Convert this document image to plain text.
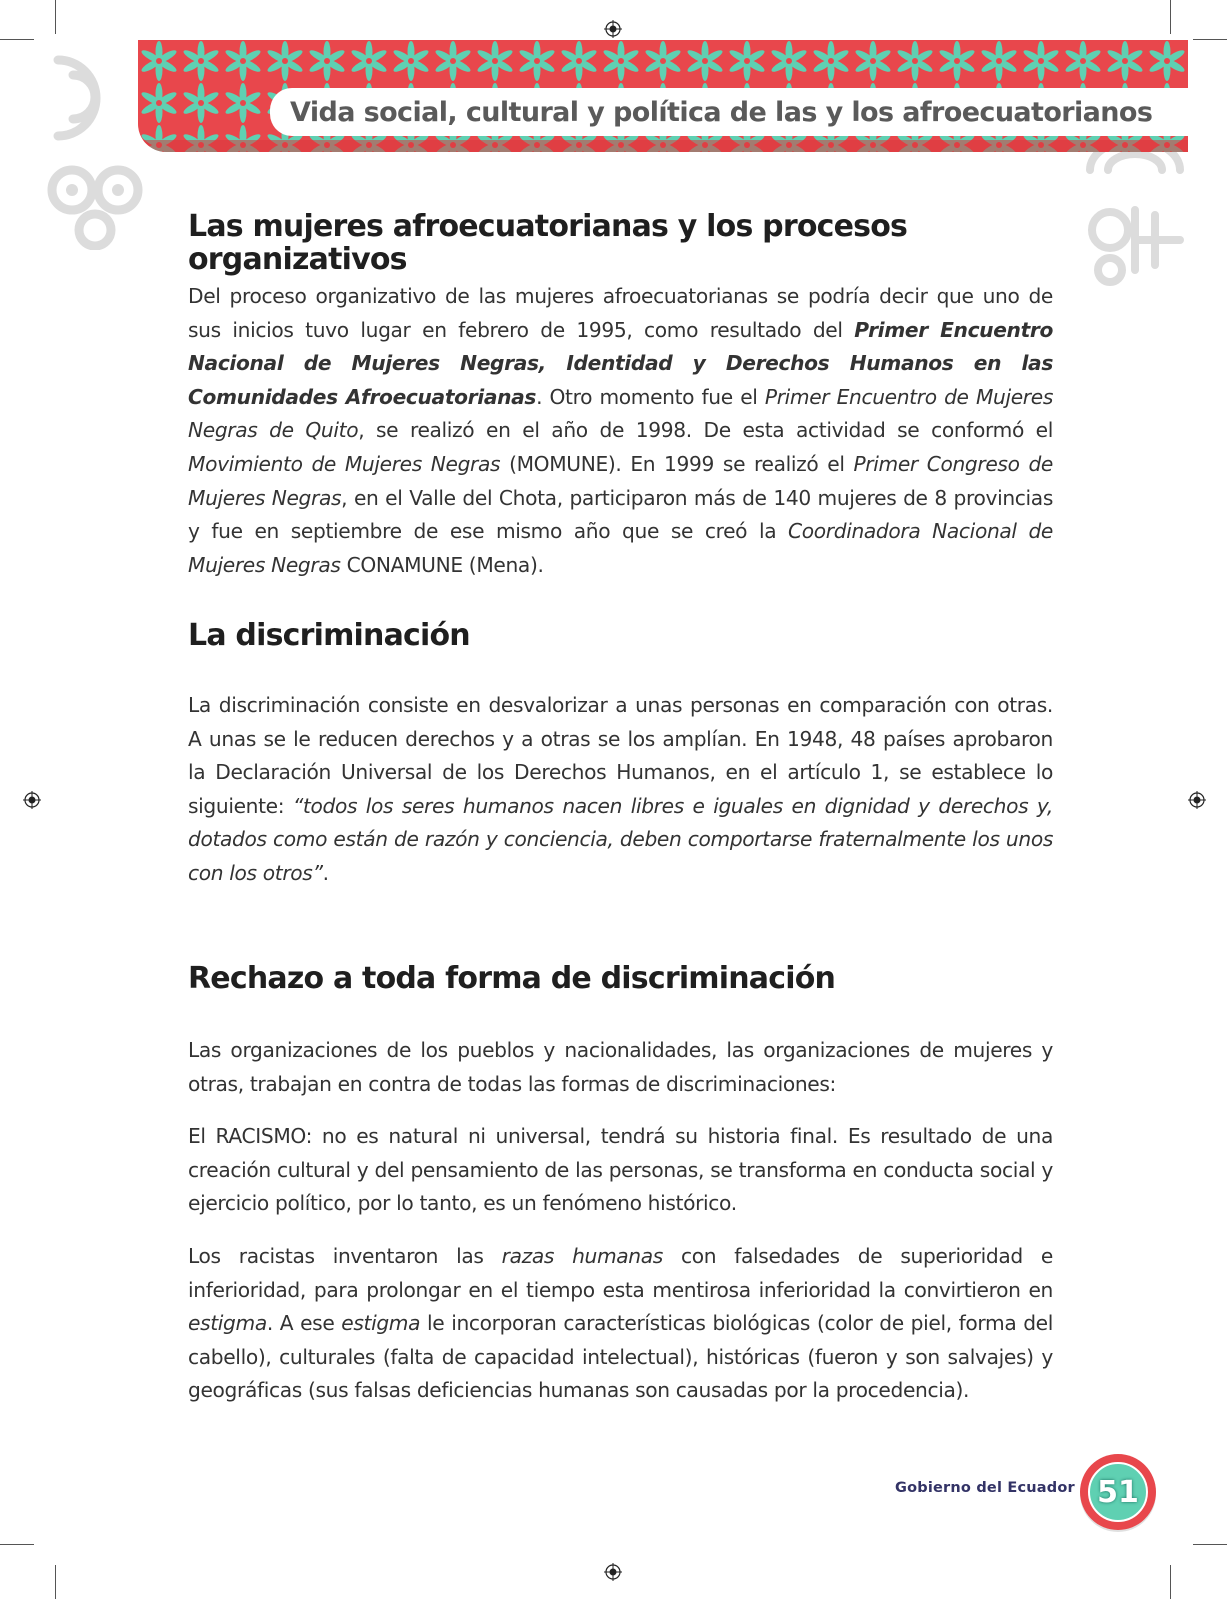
Vida social, cultural y política de las y los afroecuatorianos
Las mujeres afroecuatorianas y los procesos organizativos
Del proceso organizativo de las mujeres afroecuatorianas se podría decir que uno de sus inicios tuvo lugar en febrero de 1995, como resultado del Primer Encuentro Nacional de Mujeres Negras, Identidad y Derechos Humanos en las Comunidades Afroecuatorianas. Otro momento fue el Primer Encuentro de Mujeres Negras de Quito, se realizó en el año de 1998. De esta actividad se conformó el Movimiento de Mujeres Negras (MOMUNE). En 1999 se realizó el Primer Congreso de Mujeres Negras, en el Valle del Chota, participaron más de 140 mujeres de 8 provincias y fue en septiembre de ese mismo año que se creó la Coordinadora Nacional de Mujeres Negras CONAMUNE (Mena).
La discriminación
La discriminación consiste en desvalorizar a unas personas en comparación con otras. A unas se le reducen derechos y a otras se los amplían. En 1948, 48 países aprobaron la Declaración Universal de los Derechos Humanos, en el artículo 1, se establece lo siguiente: “todos los seres humanos nacen libres e iguales en dignidad y derechos y, dotados como están de razón y conciencia, deben comportarse fraternalmente los unos con los otros”.
Rechazo a toda forma de discriminación
Las organizaciones de los pueblos y nacionalidades, las organizaciones de mujeres y otras, trabajan en contra de todas las formas de discriminaciones:
El RACISMO: no es natural ni universal, tendrá su historia final. Es resultado de una creación cultural y del pensamiento de las personas, se transforma en conducta social y ejercicio político, por lo tanto, es un fenómeno histórico.
Los racistas inventaron las razas humanas con falsedades de superioridad e inferioridad, para prolongar en el tiempo esta mentirosa inferioridad la convirtieron en estigma. A ese estigma le incorporan características biológicas (color de piel, forma del cabello), culturales (falta de capacidad intelectual), históricas (fueron y son salvajes) y geográficas (sus falsas deficiencias humanas son causadas por la procedencia).
Gobierno del Ecuador 51
